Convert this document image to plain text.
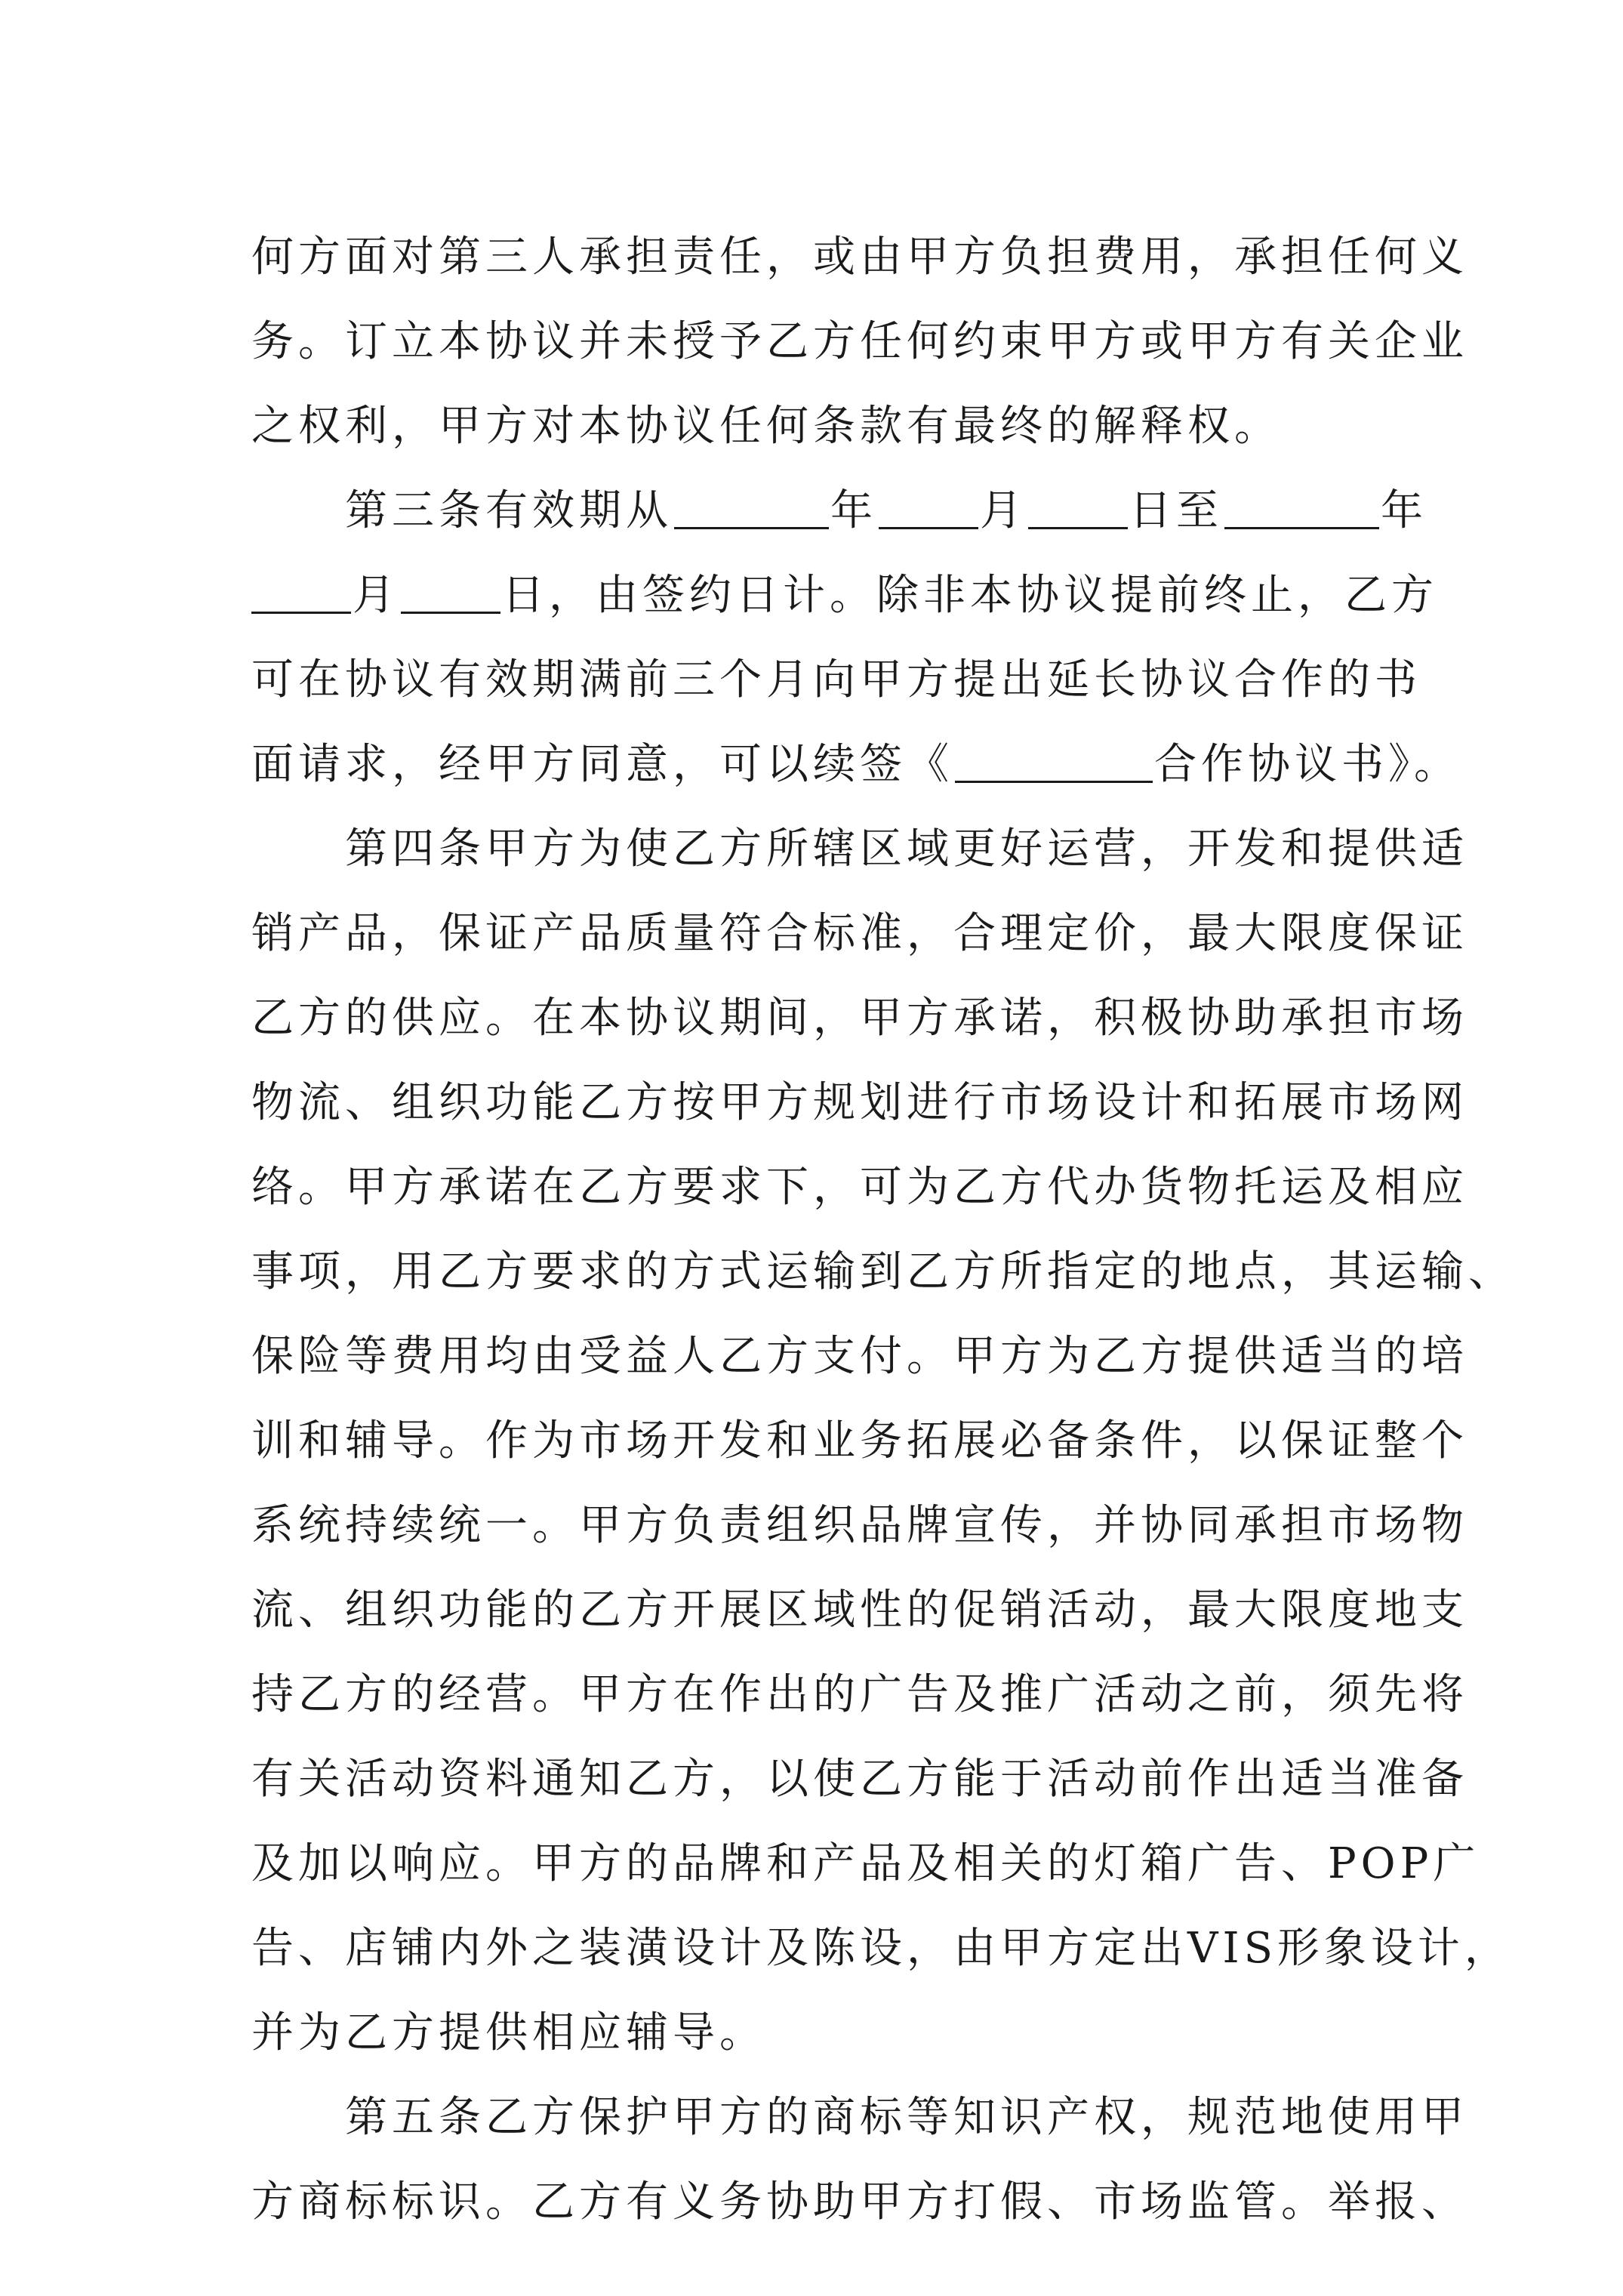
何方面对第三人承担责任，或由甲方负担费用，承担任何义
务。订立本协议并未授予乙方任何约束甲方或甲方有关企业
之权利，甲方对本协议任何条款有最终的解释权。
第三条有效期从	年 月 日至	年
月 日，由签约日计。除非本协议提前终止，乙方
可在协议有效期满前三个月向甲方提出延长协议合作的书
面请求，经甲方同意，可以续签《	合作协议书》。
第四条甲方为使乙方所辖区域更好运营，开发和提供适
销产品，保证产品质量符合标准，合理定价，最大限度保证
乙方的供应。在本协议期间，甲方承诺，积极协助承担市场
物流、组织功能乙方按甲方规划进行市场设计和拓展市场网
络。甲方承诺在乙方要求下，可为乙方代办货物托运及相应
事项，用乙方要求的方式运输到乙方所指定的地点，其运输、
保险等费用均由受益人乙方支付。甲方为乙方提供适当的培
训和辅导。作为市场开发和业务拓展必备条件，以保证整个
系统持续统一。甲方负责组织品牌宣传，并协同承担市场物
流、组织功能的乙方开展区域性的促销活动，最大限度地支
持乙方的经营。甲方在作出的广告及推广活动之前，须先将
有关活动资料通知乙方，以使乙方能于活动前作出适当准备
及加以响应。甲方的品牌和产品及相关的灯箱广告、POP广
告、店铺内外之装潢设计及陈设，由甲方定出VIS形象设计，
并为乙方提供相应辅导。
第五条乙方保护甲方的商标等知识产权，规范地使用甲
方商标标识。乙方有义务协助甲方打假、市场监管。举报、
